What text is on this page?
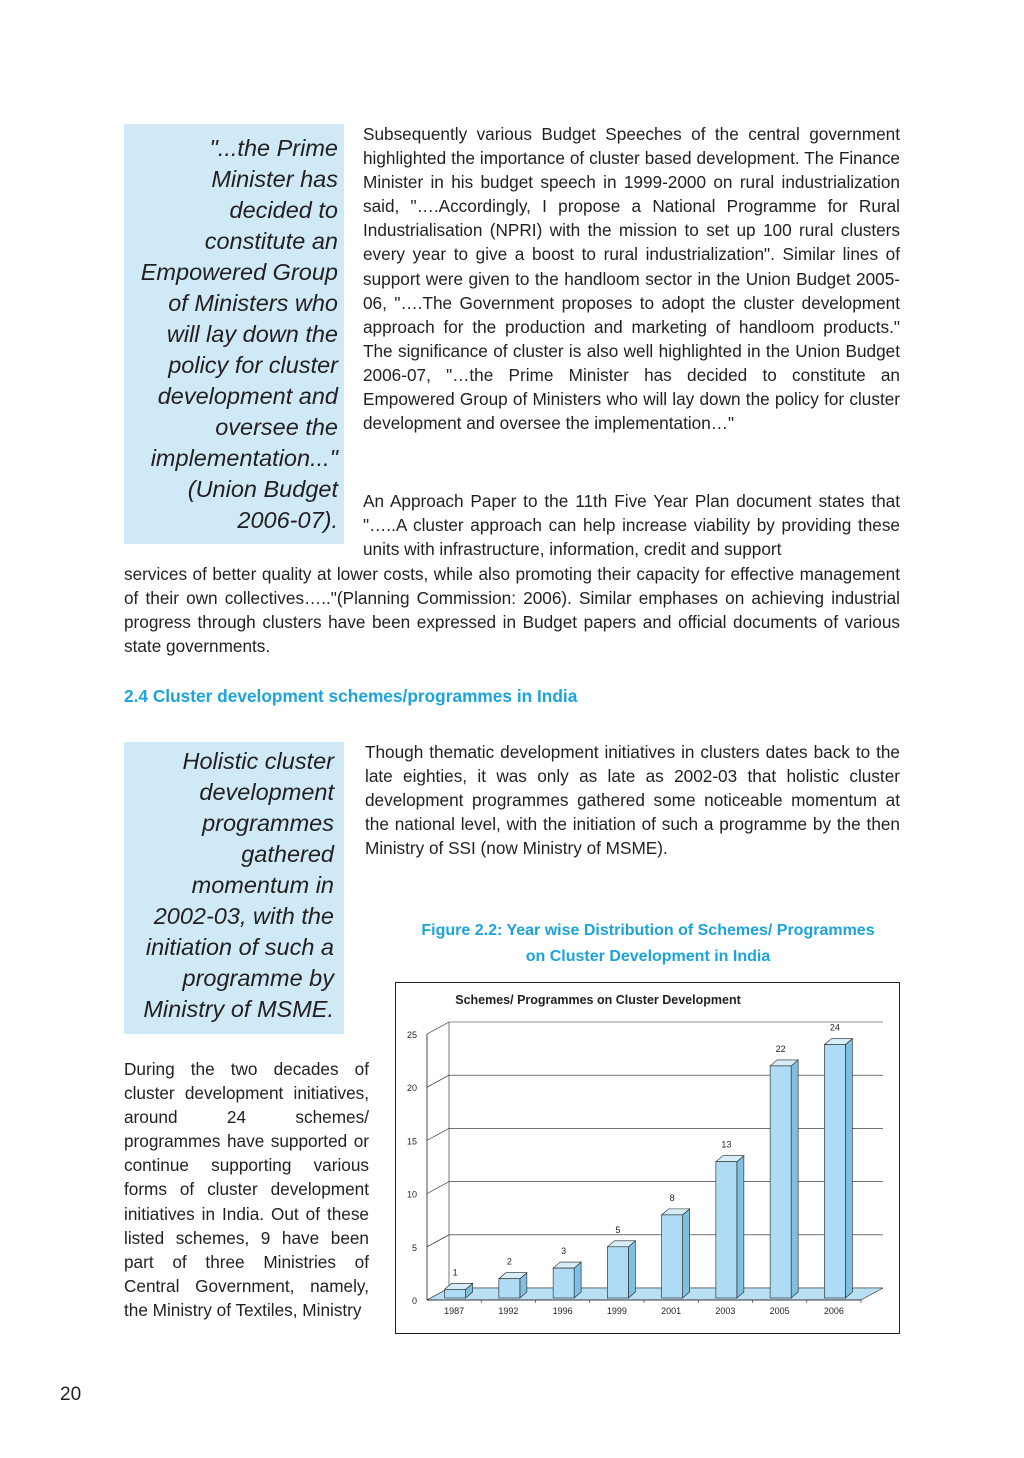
"...the Prime
Minister has
decided to
constitute an
Empowered Group
of Ministers who
will lay down the
policy for cluster
development and
oversee the
implementation..."
(Union Budget
2006-07).

Subsequently various Budget Speeches of the central government highlighted the importance of cluster based development. The Finance Minister in his budget speech in 1999-2000 on rural industrialization said, "….Accordingly, I propose a National Programme for Rural Industrialisation (NPRI) with the mission to set up 100 rural clusters every year to give a boost to rural industrialization". Similar lines of support were given to the handloom sector in the Union Budget 2005-06, "….The Government proposes to adopt the cluster development approach for the production and marketing of handloom products." The significance of cluster is also well highlighted in the Union Budget 2006-07, "…the Prime Minister has decided to constitute an Empowered Group of Ministers who will lay down the policy for cluster development and oversee the implementation…"

An Approach Paper to the 11th Five Year Plan document states that "…..A cluster approach can help increase viability by providing these units with infrastructure, information, credit and support

services of better quality at lower costs, while also promoting their capacity for effective management of their own collectives….."(Planning Commission: 2006). Similar emphases on achieving industrial progress through clusters have been expressed in Budget papers and official documents of various state governments.

2.4 Cluster development schemes/programmes in India
Holistic cluster
development
programmes
gathered
momentum in
2002-03, with the
initiation of such a
programme by
Ministry of MSME.

Though thematic development initiatives in clusters dates back to the late eighties, it was only as late as 2002-03 that holistic cluster development programmes gathered some noticeable momentum at the national level, with the initiation of such a programme by the then Ministry of SSI (now Ministry of MSME).

During the two decades of cluster development initiatives, around 24 schemes/ programmes have supported or continue supporting various forms of cluster development initiatives in India. Out of these listed schemes, 9 have been part of three Ministries of Central Government, namely, the Ministry of Textiles, Ministry

Figure 2.2: Year wise Distribution of Schemes/ Programmes
on Cluster Development in India
Schemes/ Programmes on Cluster Development
0
5
10
15
20
25
1
1987
2
1992
3
1996
5
1999
8
2001
13
2003
22
2005
24
2006
20
